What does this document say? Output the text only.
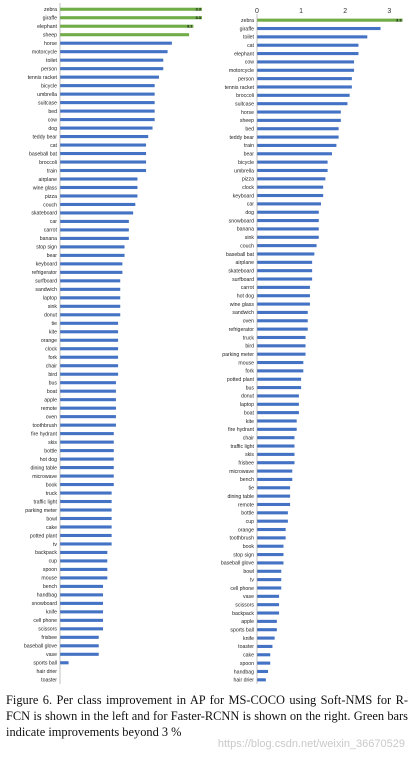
zebra	3.3
giraffe	3.3
elephant	3.1
sheep
horse
motorcycle
toilet
person
tennis racket
bicycle
umbrella
suitcase
bed
cow
dog
teddy bear
cat
baseball bat
broccoli
train
airplane
wine glass
pizza
couch
skateboard
car
carrot
banana
stop sign
bear
keyboard
refrigerator
surfboard
sandwich
laptop
sink
donut
tie
kite
orange
clock
fork
chair
bird
bus
boat
apple
remote
oven
toothbrush
fire hydrant
skis
bottle
hot dog
dining table
microwave
book
truck
traffic light
parking meter
bowl
cake
potted plant
tv
backpack
cup
spoon
mouse
bench
handbag
snowboard
knife
cell phone
scissors
frisbee
baseball glove
vase
sports ball
hair drier
toaster
0	1	2	3
zebra	3.3
giraffe
toilet
cat
elephant
cow
motorcycle
person
tennis racket
broccoli
suitcase
horse
sheep
bed
teddy bear
train
bear
bicycle
umbrella
pizza
clock
keyboard
car
dog
snowboard
banana
sink
couch
baseball bat
airplane
skateboard
surfboard
carrot
hot dog
wine glass
sandwich
oven
refrigerator
truck
bird
parking meter
mouse
fork
potted plant
bus
donut
laptop
boat
kite
fire hydrant
chair
traffic light
skis
frisbee
microwave
bench
tie
dining table
remote
bottle
cup
orange
toothbrush
book
stop sign
baseball glove
bowl
tv
cell phone
vase
scissors
backpack
apple
sports ball
knife
toaster
cake
spoon
handbag
hair drier

Figure 6. Per class improvement in AP for MS-COCO using Soft-NMS for R-FCN is shown in the left and for Faster-RCNN is shown on the right. Green bars indicate improvements beyond 3 %

https://blog.csdn.net/weixin_36670529
